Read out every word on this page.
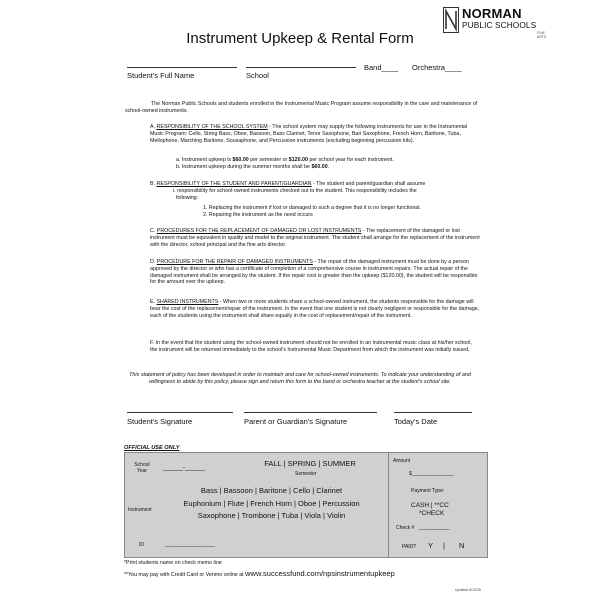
Instrument Upkeep & Rental Form
NORMAN
PUBLIC SCHOOLS
FINE ARTS
Student's Full Name	School
Band____ Orchestra____
The Norman Public Schools and students enrolled in the Instrumental Music Program assume responsibility in the care and maintenance of school-owned instruments.
A. RESPONSIBILITY OF THE SCHOOL SYSTEM - The school system may supply the following instruments for use in the Instrumental Music Program: Cello, String Bass, Oboe, Bassoon, Bass Clarinet, Tenor Saxophone, Bari Saxophone, French Horn, Baritone, Tuba, Mellophone, Marching Baritone, Sousaphone, and Percussion instruments (excluding beginning percussion kits).
a. Instrument upkeep is $60.00 per semester or $120.00 per school year for each instrument.
b. Instrument upkeep during the summer months shall be $60.00.
B. RESPONSIBILITY OF THE STUDENT AND PARENT/GUARDIAN - The student and parent/guardian shall assume
i. responsibility for school-owned instruments checked out to the student. This responsibility includes the
following:
1. Replacing the instrument if lost or damaged to such a degree that it is no longer functional.
2. Repairing the instrument as the need occurs
C. PROCEDURES FOR THE REPLACEMENT OF DAMAGED OR LOST INSTRUMENTS - The replacement of the damaged or lost instrument must be equivalent in quality and model to the original instrument. The student shall arrange for the replacement of the instrument with the director, school principal and the fine arts director.
D. PROCEDURE FOR THE REPAIR OF DAMAGED INSTRUMENTS - The repair of the damaged instrument must be done by a person approved by the director or who has a certificate of completion of a comprehensive course in instrument repairs. The actual repair of the damaged instrument shall be arranged by the student. If the repair cost is greater than the upkeep ($120.00), the student will be responsible for the amount over the upkeep.
E. SHARED INSTRUMENTS - When two or more students share a school-owned instrument, the students responsible for the damage will bear the cost of the replacement/repair of the instrument. In the event that one student is not clearly negligent or responsible for the damage, each of the students using the instrument shall share equally in the cost of replacement/repair of the instrument.
F. In the event that the student using the school-owned instrument should not be enrolled in an instrumental music class at his/her school, the instrument will be returned immediately to the school's Instrumental Music Department from which the instrument was initially issued.
This statement of policy has been developed in order to maintain and care for school-owned instruments. To indicate your understanding of and willingness to abide by this policy, please sign and return this form to the band or orchestra teacher at the student's school site.
Student's Signature	Parent or Guardian's Signature	Today's Date
OFFICIAL USE ONLY
School Year	______-______	FALL | SPRING | SUMMER
Semester
Instrument
Bass | Bassoon | Baritone | Cello | Clarinet
Euphonium | Flute | French Horn | Oboe | Percussion
Saxophone | Trombone | Tuba | Viola | Violin
ID	__________________
Amount
$_______________
Payment Type:
CASH | **CC
*CHECK
Check # ___________
PAID? Y | N
*Print students name on check memo line
**You may pay with Credit Card or Venmo online at www.successfund.com/npsinstrumentupkeep
Updated 6/10/25
